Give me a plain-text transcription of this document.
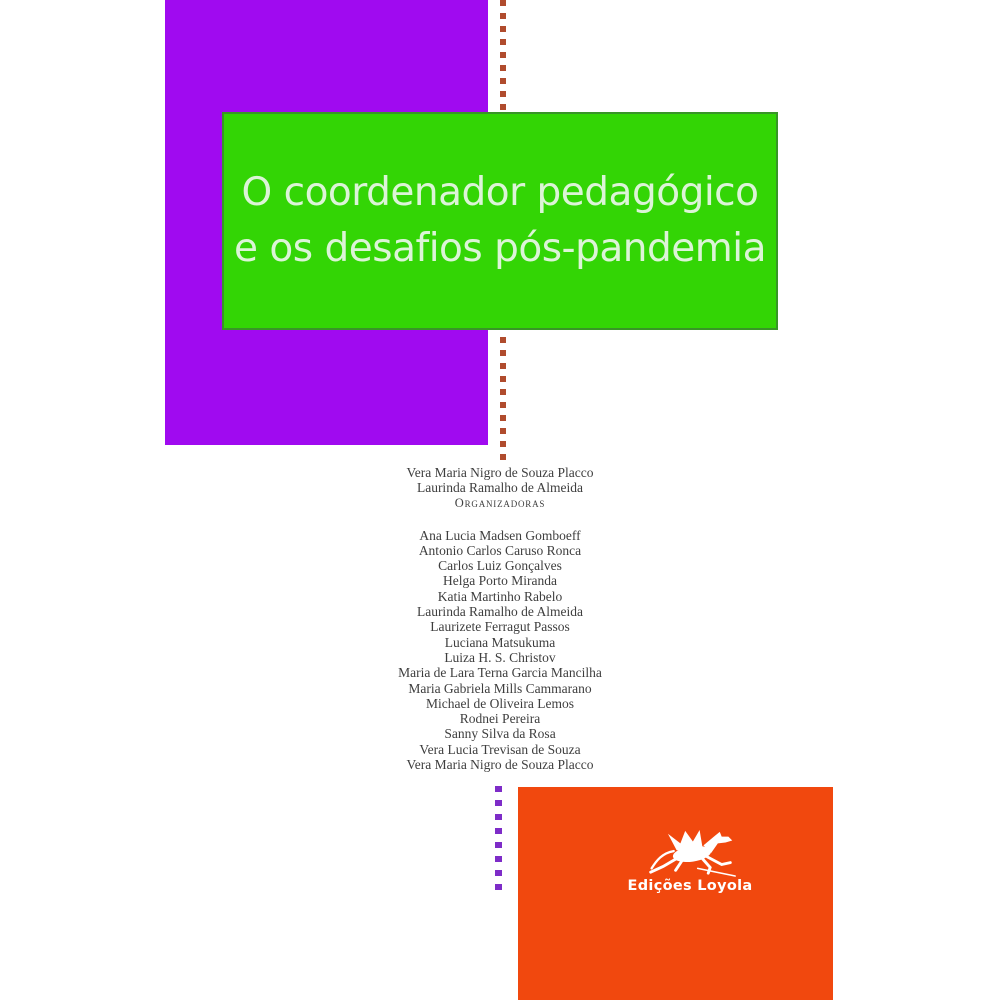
O coordenador pedagógico
e os desafios pós-pandemia
Vera Maria Nigro de Souza Placco
Laurinda Ramalho de Almeida
Organizadoras
Ana Lucia Madsen Gomboeff
Antonio Carlos Caruso Ronca
Carlos Luiz Gonçalves
Helga Porto Miranda
Katia Martinho Rabelo
Laurinda Ramalho de Almeida
Laurizete Ferragut Passos
Luciana Matsukuma
Luiza H. S. Christov
Maria de Lara Terna Garcia Mancilha
Maria Gabriela Mills Cammarano
Michael de Oliveira Lemos
Rodnei Pereira
Sanny Silva da Rosa
Vera Lucia Trevisan de Souza
Vera Maria Nigro de Souza Placco
Edições Loyola
